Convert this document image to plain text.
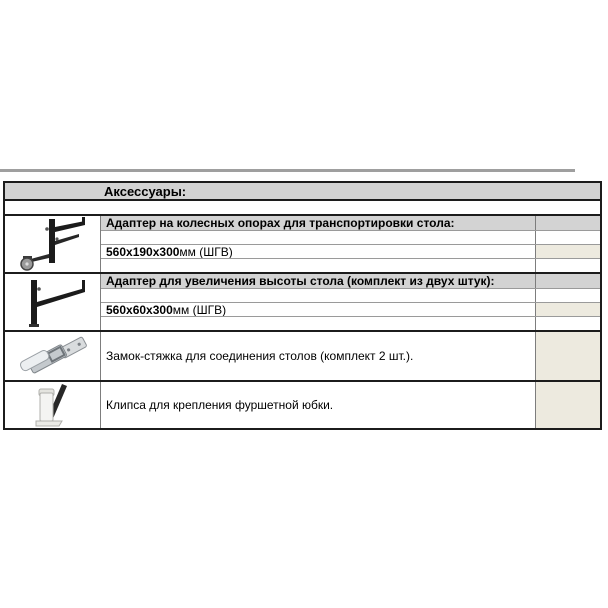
Аксессуары:
Адаптер на колесных опорах для транспортировки стола:
560x190x300 мм (ШГВ)
Адаптер для увеличения высоты стола (комплект из двух штук):
560x60x300 мм (ШГВ)
Замок-стяжка для соединения столов (комплект 2 шт.).
Клипса для крепления фуршетной юбки.
